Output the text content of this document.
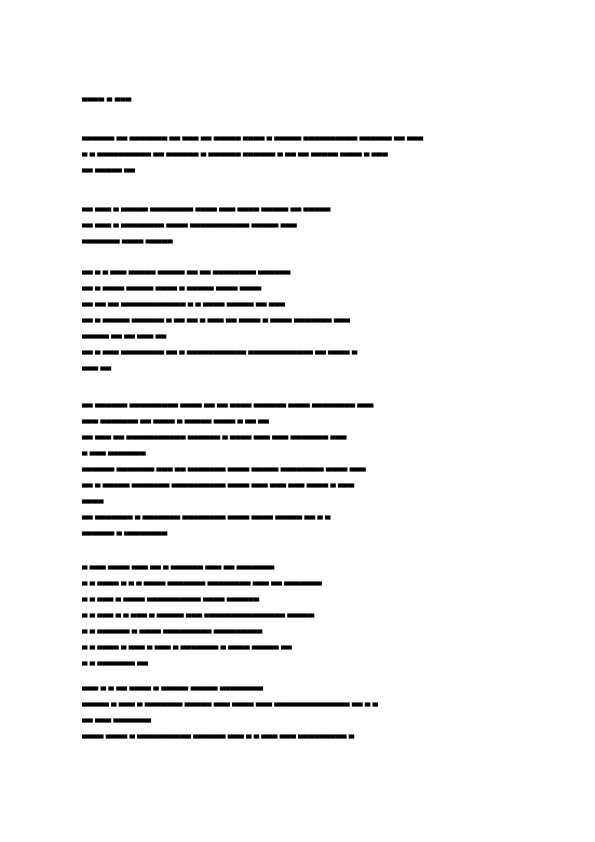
▀▀▀▀ ▀ ▀▀▀
▀▀▀▀▀▀ ▀▀ ▀▀▀▀▀▀▀ ▀▀ ▀▀▀ ▀▀ ▀▀▀▀▀ ▀▀▀▀ ▀ ▀▀▀▀▀ ▀▀▀▀▀▀▀▀▀▀ ▀▀▀▀▀▀ ▀▀ ▀▀▀
▀ ▀ ▀▀▀▀▀▀▀▀▀▀ ▀▀ ▀▀▀▀▀▀ ▀ ▀▀▀▀▀▀ ▀▀▀▀▀▀ ▀ ▀▀ ▀▀ ▀▀▀▀▀ ▀▀▀▀ ▀ ▀▀▀
▀▀ ▀▀▀▀▀ ▀▀
▀▀ ▀▀▀ ▀ ▀▀▀▀▀ ▀▀▀▀▀▀▀▀ ▀▀▀▀ ▀▀▀ ▀▀▀▀ ▀▀▀▀▀ ▀▀ ▀▀▀▀▀
▀▀ ▀▀▀ ▀ ▀▀▀▀▀▀▀▀ ▀▀▀▀ ▀▀▀▀▀▀▀▀▀▀▀ ▀▀▀▀▀ ▀▀▀
▀▀▀▀▀▀▀ ▀▀▀▀ ▀▀▀▀▀
▀▀ ▀ ▀ ▀▀▀ ▀▀▀▀▀ ▀▀▀▀▀ ▀▀ ▀▀ ▀▀▀▀▀▀▀▀ ▀▀▀▀▀▀
▀▀ ▀ ▀▀▀▀ ▀▀▀▀▀ ▀▀▀▀ ▀ ▀▀▀▀▀ ▀▀▀▀ ▀▀▀▀
▀▀ ▀▀ ▀▀ ▀▀▀▀▀▀▀▀▀▀▀▀ ▀ ▀ ▀▀▀▀ ▀▀▀▀▀ ▀▀ ▀▀▀
▀▀ ▀ ▀▀▀▀▀ ▀▀▀▀▀▀ ▀ ▀▀ ▀▀ ▀ ▀▀▀ ▀▀ ▀▀▀▀ ▀ ▀▀▀▀ ▀▀▀▀▀▀▀ ▀▀▀
▀▀▀▀▀ ▀▀ ▀▀ ▀▀▀ ▀▀
▀▀ ▀ ▀▀▀ ▀▀▀▀▀▀▀▀ ▀▀ ▀ ▀▀▀▀▀▀▀▀▀▀▀ ▀▀▀▀▀▀▀▀▀▀▀▀ ▀▀ ▀▀▀▀ ▀
▀▀▀ ▀▀
▀▀ ▀▀▀▀▀▀ ▀▀▀▀▀▀▀▀▀ ▀▀▀▀ ▀▀ ▀▀ ▀▀▀▀ ▀▀▀▀▀▀ ▀▀▀▀ ▀▀▀▀▀▀▀▀ ▀▀▀
▀▀▀ ▀▀▀▀▀▀▀ ▀▀ ▀▀▀▀ ▀ ▀▀▀▀▀ ▀▀▀▀ ▀ ▀▀ ▀▀
▀▀ ▀▀▀ ▀▀ ▀▀▀▀▀▀▀▀▀▀▀ ▀▀▀▀▀▀ ▀ ▀▀▀▀ ▀▀▀ ▀▀▀ ▀▀▀▀▀▀▀ ▀▀▀
▀ ▀▀▀ ▀▀▀▀▀▀▀
▀▀▀▀▀▀ ▀▀▀▀▀▀▀ ▀▀▀ ▀▀ ▀▀▀▀▀▀▀ ▀▀▀▀ ▀▀▀▀▀ ▀▀▀▀▀▀▀▀ ▀▀▀▀ ▀▀▀
▀▀ ▀ ▀▀▀▀▀ ▀▀▀▀▀▀▀ ▀▀▀▀▀▀▀▀▀▀ ▀▀▀▀ ▀▀▀ ▀▀▀ ▀▀▀ ▀▀▀▀ ▀ ▀▀▀
▀▀▀▀
▀▀ ▀▀▀▀▀▀▀ ▀ ▀▀▀▀▀▀▀ ▀▀▀▀▀▀▀▀ ▀▀▀▀ ▀▀▀▀ ▀▀▀▀▀ ▀▀ ▀ ▀
▀▀▀▀▀▀ ▀ ▀▀▀▀▀▀▀▀
▀ ▀▀▀ ▀▀▀▀ ▀▀▀ ▀▀ ▀ ▀▀▀▀▀▀ ▀▀▀ ▀▀ ▀▀▀▀▀▀▀
▀ ▀ ▀▀▀▀ ▀ ▀ ▀ ▀▀▀▀ ▀▀▀▀▀▀▀ ▀▀▀▀▀▀▀▀ ▀▀▀ ▀▀ ▀▀▀▀▀▀▀
▀ ▀ ▀▀▀ ▀ ▀▀▀▀ ▀▀▀▀▀▀▀▀▀▀ ▀▀▀▀ ▀▀▀▀▀▀
▀ ▀ ▀▀▀ ▀ ▀ ▀▀▀ ▀ ▀▀▀▀▀ ▀▀▀ ▀▀▀▀▀▀▀▀▀▀▀▀▀▀▀ ▀▀▀▀▀
▀ ▀ ▀▀▀▀▀▀ ▀ ▀▀▀▀ ▀▀▀▀▀▀▀▀▀ ▀▀▀▀▀▀▀▀▀
▀ ▀ ▀▀▀▀ ▀ ▀▀▀ ▀ ▀▀▀ ▀ ▀▀▀▀▀▀▀ ▀ ▀▀▀▀ ▀▀▀▀▀ ▀▀
▀ ▀ ▀▀▀▀▀▀▀ ▀▀
▀▀▀ ▀ ▀ ▀▀ ▀▀▀▀ ▀ ▀▀▀▀▀ ▀▀▀▀▀ ▀▀▀▀▀▀▀▀
▀▀▀▀▀ ▀ ▀▀▀ ▀ ▀▀▀▀▀▀▀ ▀▀▀▀▀ ▀▀▀ ▀▀▀▀ ▀▀▀ ▀▀▀▀▀▀▀▀▀▀▀▀▀▀ ▀▀ ▀ ▀
▀▀ ▀▀▀ ▀▀▀▀▀▀▀
▀▀▀▀ ▀▀▀▀ ▀ ▀▀▀▀▀▀▀▀▀▀ ▀▀▀▀▀▀ ▀▀▀ ▀ ▀ ▀▀▀ ▀▀▀ ▀▀▀▀▀▀▀▀▀ ▀
